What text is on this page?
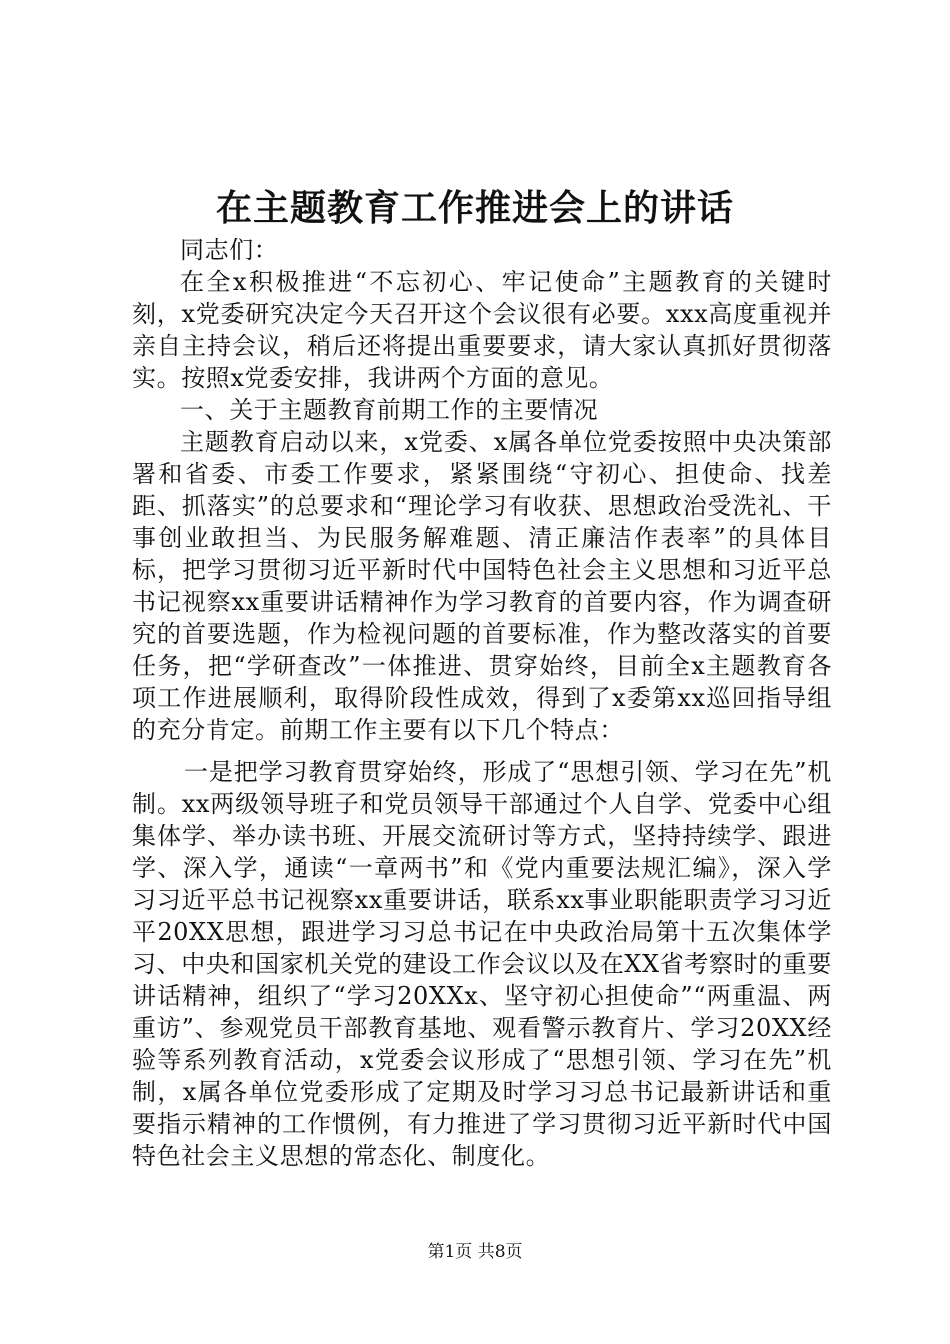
在主题教育工作推进会上的讲话

同志们：

在全x积极推进“不忘初心、牢记使命”主题教育的关键时刻，x党委研究决定今天召开这个会议很有必要。xxx高度重视并亲自主持会议，稍后还将提出重要要求，请大家认真抓好贯彻落实。按照x党委安排，我讲两个方面的意见。

一、关于主题教育前期工作的主要情况

主题教育启动以来，x党委、x属各单位党委按照中央决策部署和省委、市委工作要求，紧紧围绕“守初心、担使命、找差距、抓落实”的总要求和“理论学习有收获、思想政治受洗礼、干事创业敢担当、为民服务解难题、清正廉洁作表率”的具体目标，把学习贯彻习近平新时代中国特色社会主义思想和习近平总书记视察xx重要讲话精神作为学习教育的首要内容，作为调查研究的首要选题，作为检视问题的首要标准，作为整改落实的首要任务，把“学研查改”一体推进、贯穿始终，目前全x主题教育各项工作进展顺利，取得阶段性成效，得到了x委第xx巡回指导组的充分肯定。前期工作主要有以下几个特点：

一是把学习教育贯穿始终，形成了“思想引领、学习在先”机制。xx两级领导班子和党员领导干部通过个人自学、党委中心组集体学、举办读书班、开展交流研讨等方式，坚持持续学、跟进学、深入学，通读“一章两书”和《党内重要法规汇编》，深入学习习近平总书记视察xx重要讲话，联系xx事业职能职责学习习近平20XX思想，跟进学习习总书记在中央政治局第十五次集体学习、中央和国家机关党的建设工作会议以及在XX省考察时的重要讲话精神，组织了“学习20XXx、坚守初心担使命”“两重温、两重访”、参观党员干部教育基地、观看警示教育片、学习20XX经验等系列教育活动，x党委会议形成了“思想引领、学习在先”机制，x属各单位党委形成了定期及时学习习总书记最新讲话和重要指示精神的工作惯例，有力推进了学习贯彻习近平新时代中国特色社会主义思想的常态化、制度化。

第1页 共8页
